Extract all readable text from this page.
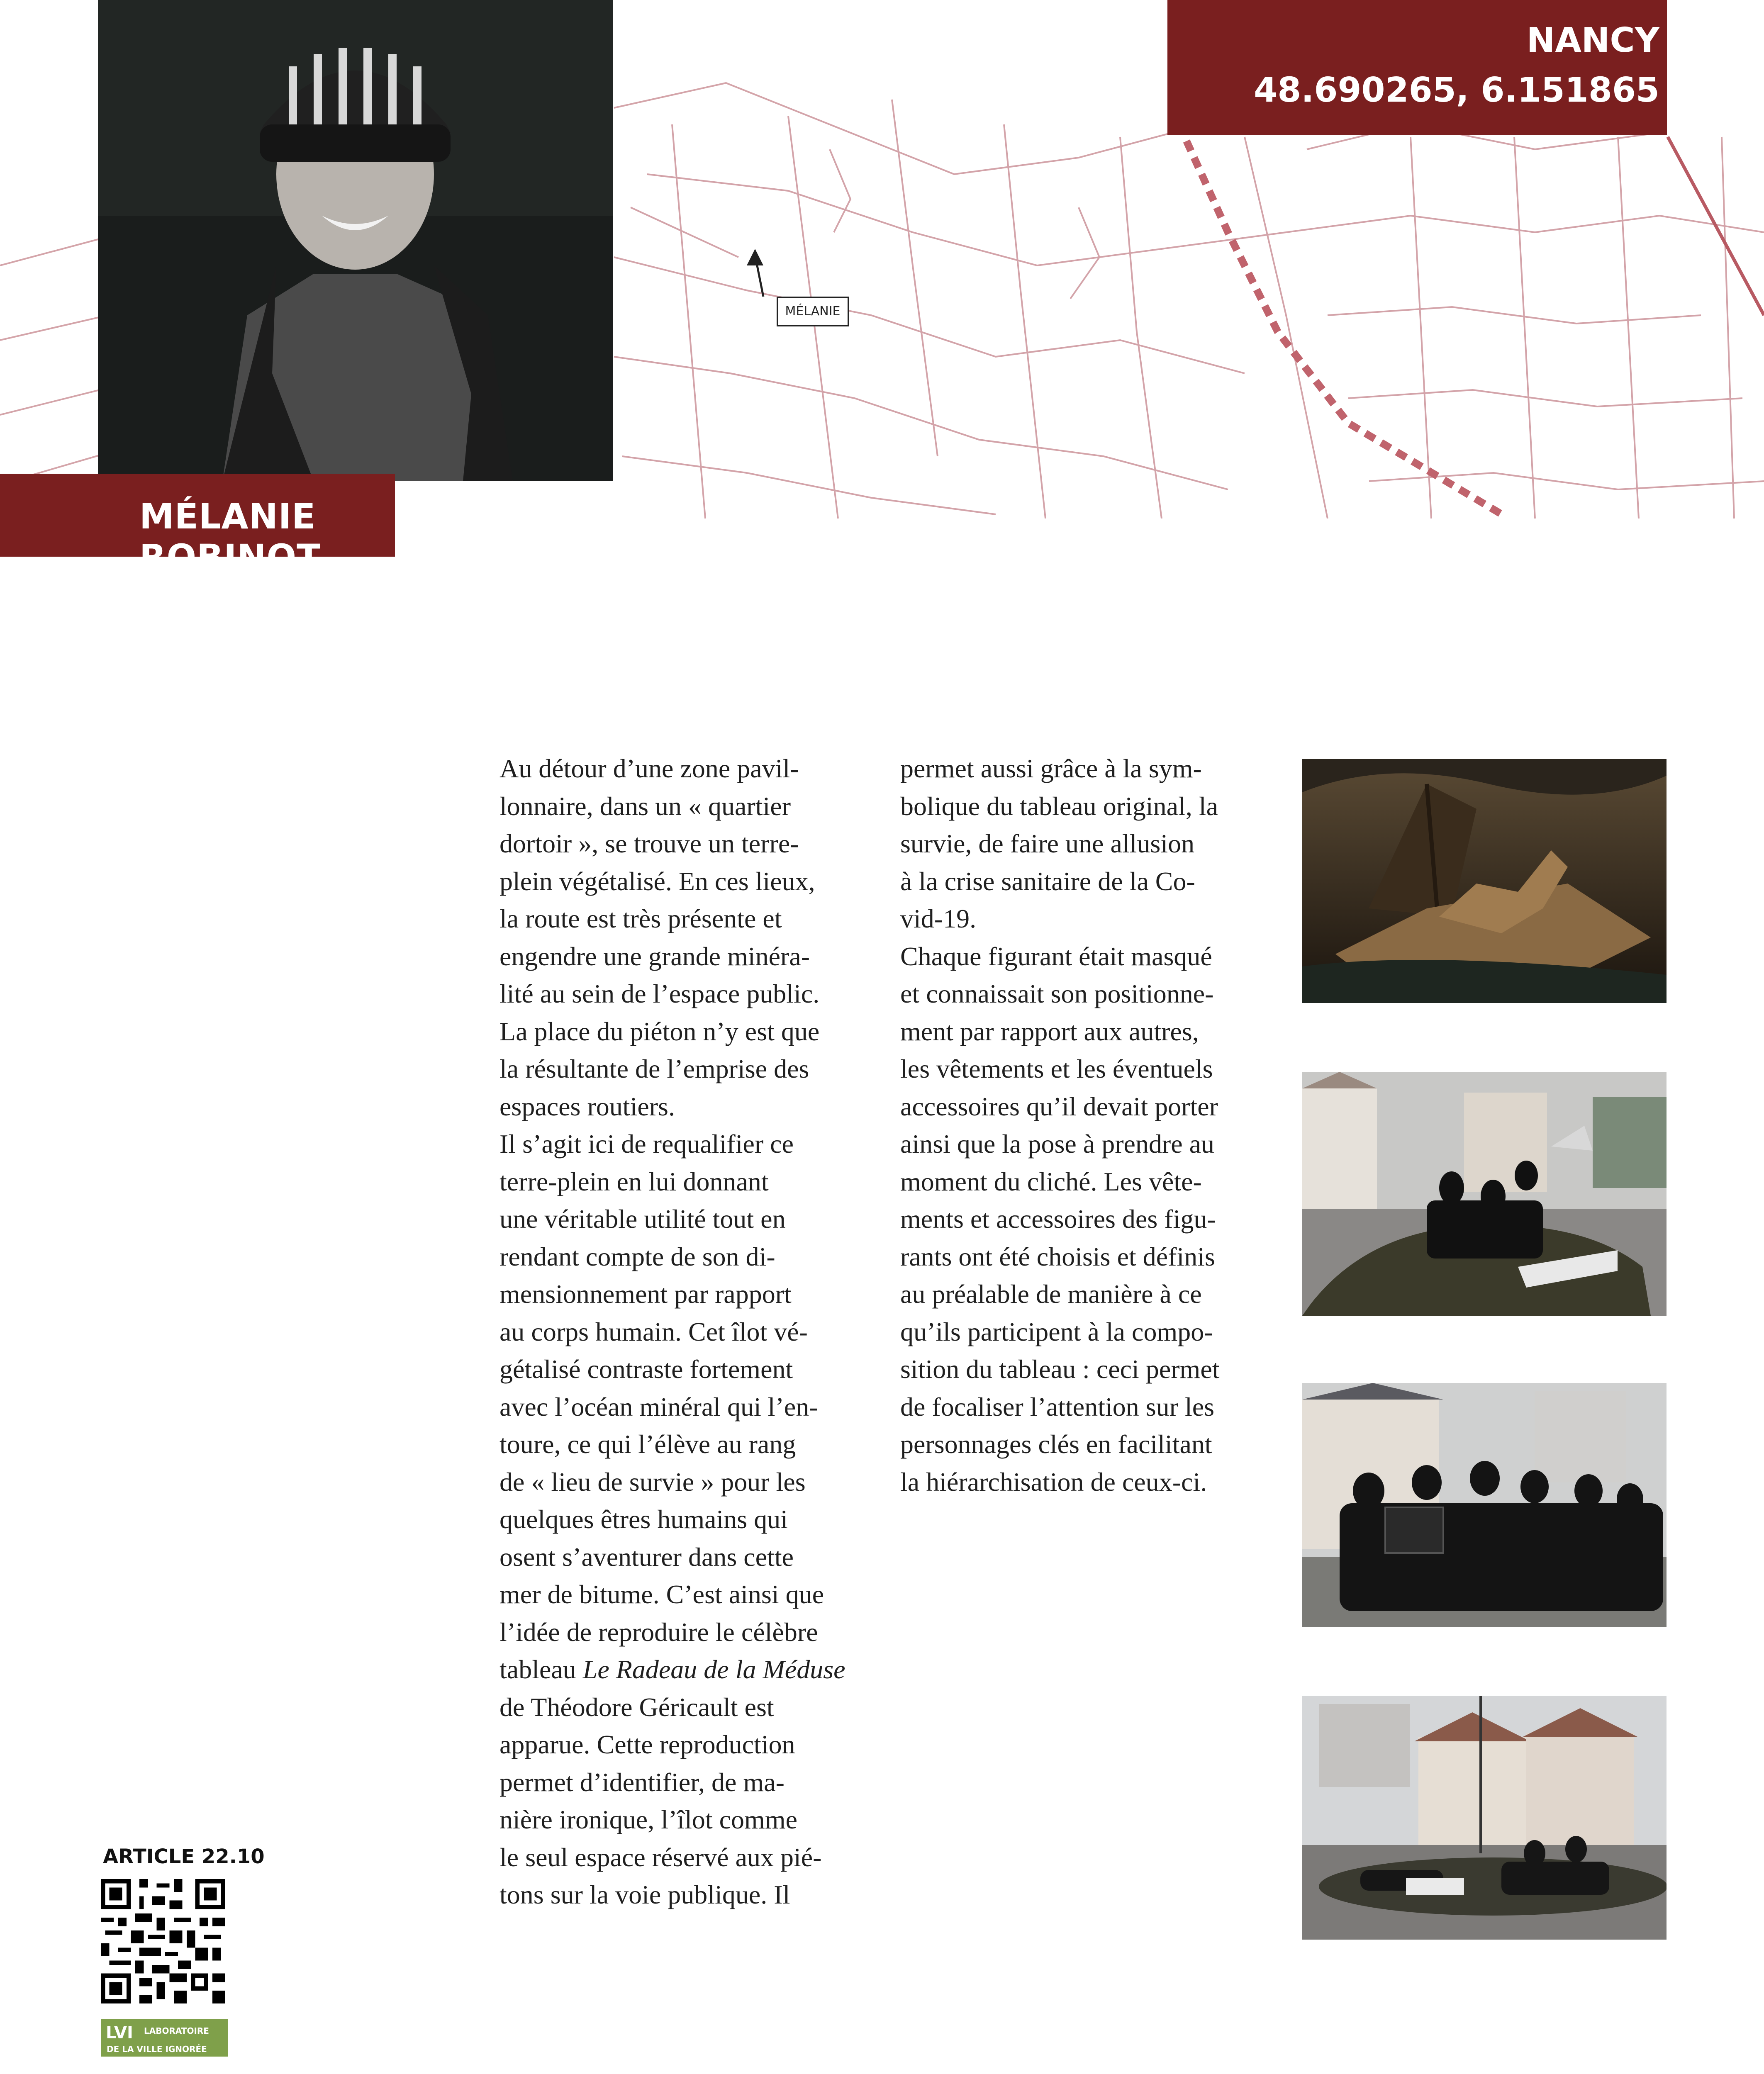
MÉLANIE
MÉLANIE ROBINOT
NANCY
48.690265, 6.151865

Au détour d’une zone pavil-

lonnaire, dans un « quartier

dortoir », se trouve un terre-

plein végétalisé. En ces lieux,

la route est très présente et

engendre une grande minéra-

lité au sein de l’espace public.

La place du piéton n’y est que

la résultante de l’emprise des

espaces routiers.

Il s’agit ici de requalifier ce

terre-plein en lui donnant

une véritable utilité tout en

rendant compte de son di-

mensionnement par rapport

au corps humain. Cet îlot vé-

gétalisé contraste fortement

avec l’océan minéral qui l’en-

toure, ce qui l’élève au rang

de « lieu de survie » pour les

quelques êtres humains qui

osent s’aventurer dans cette

mer de bitume. C’est ainsi que

l’idée de reproduire le célèbre

tableau Le Radeau de la Méduse

de Théodore Géricault est

apparue. Cette reproduction

permet d’identifier, de ma-

nière ironique, l’îlot comme

le seul espace réservé aux pié-

tons sur la voie publique. Il

permet aussi grâce à la sym-

bolique du tableau original, la

survie, de faire une allusion

à la crise sanitaire de la Co-

vid-19.

Chaque figurant était masqué

et connaissait son positionne-

ment par rapport aux autres,

les vêtements et les éventuels

accessoires qu’il devait porter

ainsi que la pose à prendre au

moment du cliché. Les vête-

ments et accessoires des figu-

rants ont été choisis et définis

au préalable de manière à ce

qu’ils participent à la compo-

sition du tableau : ceci permet

de focaliser l’attention sur les

personnages clés en facilitant

la hiérarchisation de ceux-ci.

ARTICLE 22.10
LVI LABORATOIRE
DE LA VILLE IGNORÉE
